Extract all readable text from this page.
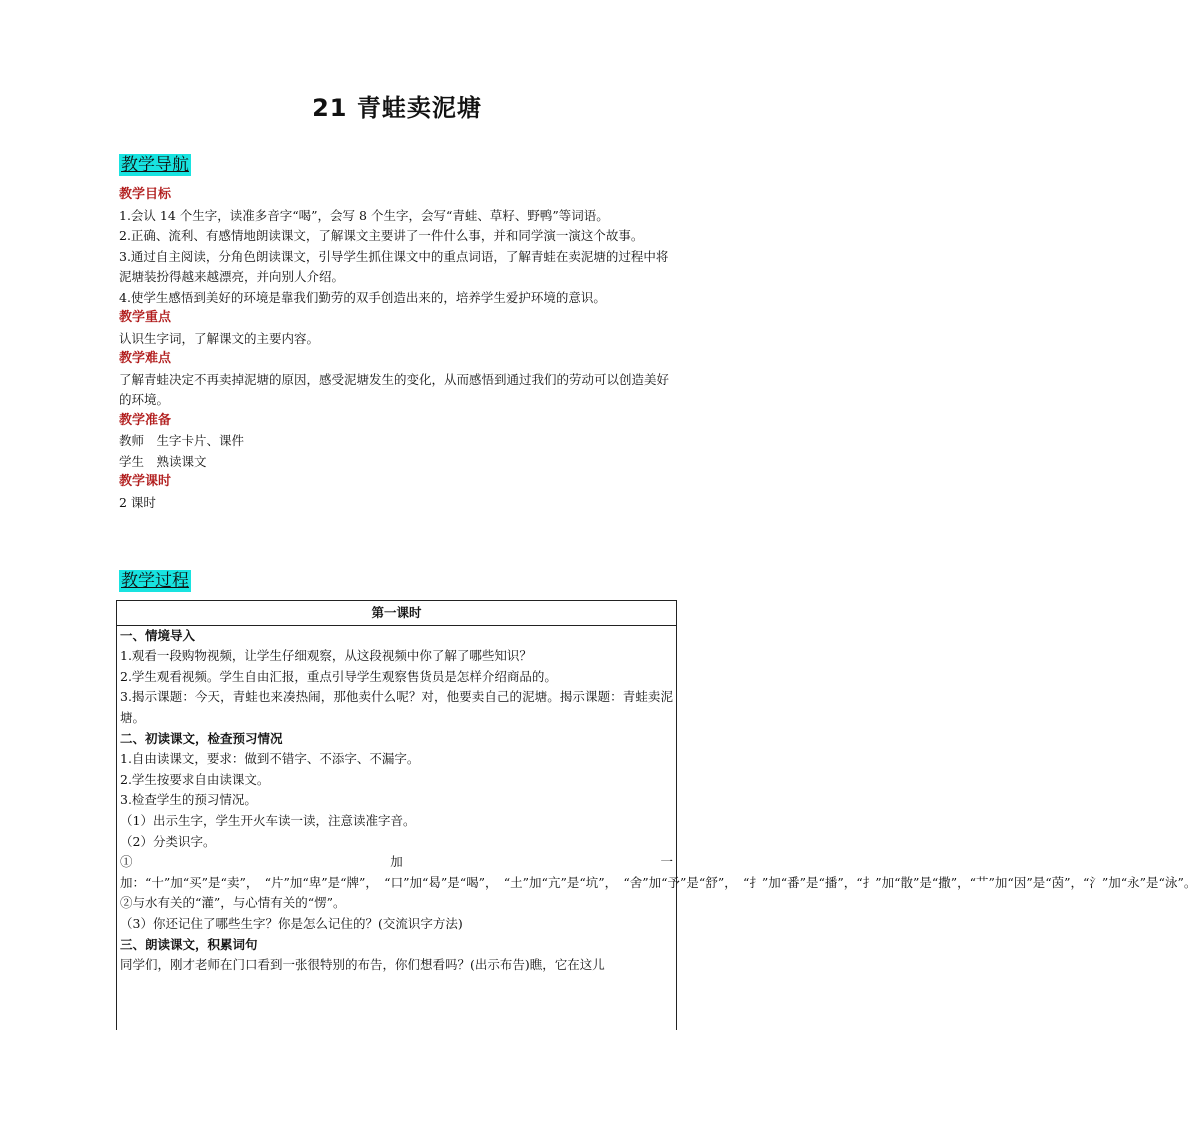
21 青蛙卖泥塘
教学导航
教学目标

1.会认 14 个生字，读准多音字“喝”，会写 8 个生字，会写“青蛙、草籽、野鸭”等词语。

2.正确、流利、有感情地朗读课文，了解课文主要讲了一件什么事，并和同学演一演这个故事。

3.通过自主阅读，分角色朗读课文，引导学生抓住课文中的重点词语，了解青蛙在卖泥塘的过程中将泥塘装扮得越来越漂亮，并向别人介绍。

4.使学生感悟到美好的环境是靠我们勤劳的双手创造出来的，培养学生爱护环境的意识。

教学重点

认识生字词，了解课文的主要内容。

教学难点

了解青蛙决定不再卖掉泥塘的原因，感受泥塘发生的变化，从而感悟到通过我们的劳动可以创造美好的环境。

教学准备

教师　生字卡片、课件

学生　熟读课文

教学课时

2 课时

教学过程
第一课时
一、情境导入

1.观看一段购物视频，让学生仔细观察，从这段视频中你了解了哪些知识？

2.学生观看视频。学生自由汇报，重点引导学生观察售货员是怎样介绍商品的。

3.揭示课题：今天，青蛙也来凑热闹，那他卖什么呢？对，他要卖自己的泥塘。揭示课题：青蛙卖泥塘。

二、初读课文，检查预习情况

1.自由读课文，要求：做到不错字、不添字、不漏字。

2.学生按要求自由读课文。

3.检查学生的预习情况。

（1）出示生字，学生开火车读一读，注意读准字音。

（2）分类识字。

①加一加：“十”加“买”是“卖”，　“片”加“卑”是“牌”，　“口”加“曷”是“喝”，　“土”加“亢”是“坑”，　“舍”加“予”是“舒”，　“扌”加“番”是“播”，“扌”加“散”是“撒”，“艹”加“因”是“茵”，“氵”加“永”是“泳”。

②与水有关的“灌”，与心情有关的“愣”。

（3）你还记住了哪些生字？你是怎么记住的？(交流识字方法)

三、朗读课文，积累词句

同学们，刚才老师在门口看到一张很特别的布告，你们想看吗？(出示布告)瞧，它在这儿
